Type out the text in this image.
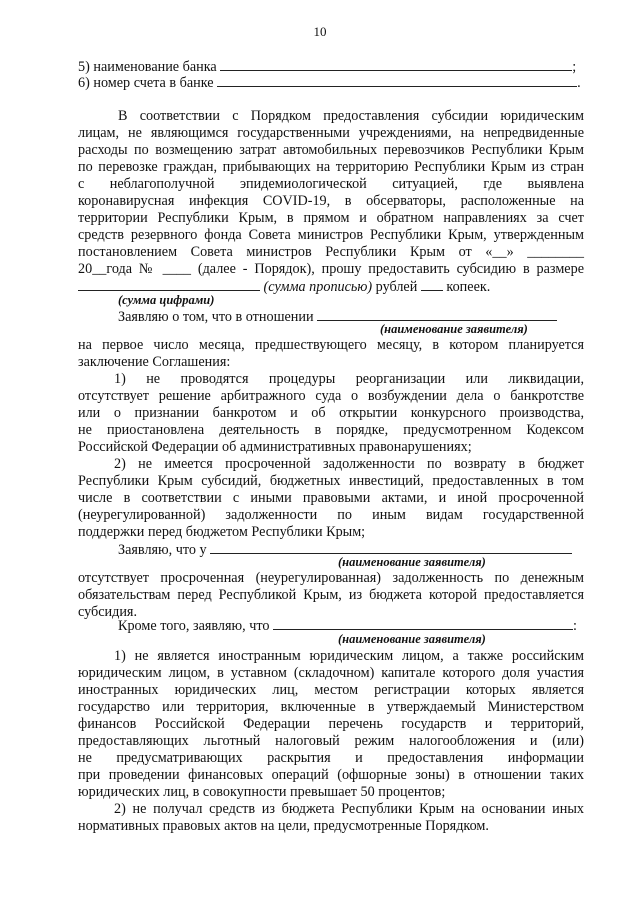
10
5) наименование банка	;
6) номер счета в банке	.
В соответствии с Порядком предоставления субсидии юридическим
лицам, не являющимся государственными учреждениями, на непредвиденные
расходы по возмещению затрат автомобильных перевозчиков Республики Крым
по перевозке граждан, прибывающих на территорию Республики Крым из стран
с неблагополучной эпидемиологической ситуацией, где выявлена
коронавирусная инфекция COVID-19, в обсерваторы, расположенные на
территории Республики Крым, в прямом и обратном направлениях за счет
средств резервного фонда Совета министров Республики Крым, утвержденным
постановлением Совета министров Республики Крым от «__» ________
20__года № ____ (далее - Порядок), прошу предоставить субсидию в размере
(сумма прописью) рублей копеек.
(сумма цифрами)
Заявляю о том, что в отношении
(наименование заявителя)
на первое число месяца, предшествующего месяцу, в котором планируется
заключение Соглашения:
1) не проводятся процедуры реорганизации или ликвидации,
отсутствует решение арбитражного суда о возбуждении дела о банкротстве
или о признании банкротом и об открытии конкурсного производства,
не приостановлена деятельность в порядке, предусмотренном Кодексом
Российской Федерации об административных правонарушениях;
2) не имеется просроченной задолженности по возврату в бюджет
Республики Крым субсидий, бюджетных инвестиций, предоставленных в том
числе в соответствии с иными правовыми актами, и иной просроченной
(неурегулированной) задолженности по иным видам государственной
поддержки перед бюджетом Республики Крым;
Заявляю, что у
(наименование заявителя)
отсутствует просроченная (неурегулированная) задолженность по денежным
обязательствам перед Республикой Крым, из бюджета которой предоставляется
субсидия.
Кроме того, заявляю, что	:
(наименование заявителя)
1) не является иностранным юридическим лицом, а также российским
юридическим лицом, в уставном (складочном) капитале которого доля участия
иностранных юридических лиц, местом регистрации которых является
государство или территория, включенные в утверждаемый Министерством
финансов Российской Федерации перечень государств и территорий,
предоставляющих льготный налоговый режим налогообложения и (или)
не предусматривающих раскрытия и предоставления информации
при проведении финансовых операций (офшорные зоны) в отношении таких
юридических лиц, в совокупности превышает 50 процентов;
2) не получал средств из бюджета Республики Крым на основании иных
нормативных правовых актов на цели, предусмотренные Порядком.
